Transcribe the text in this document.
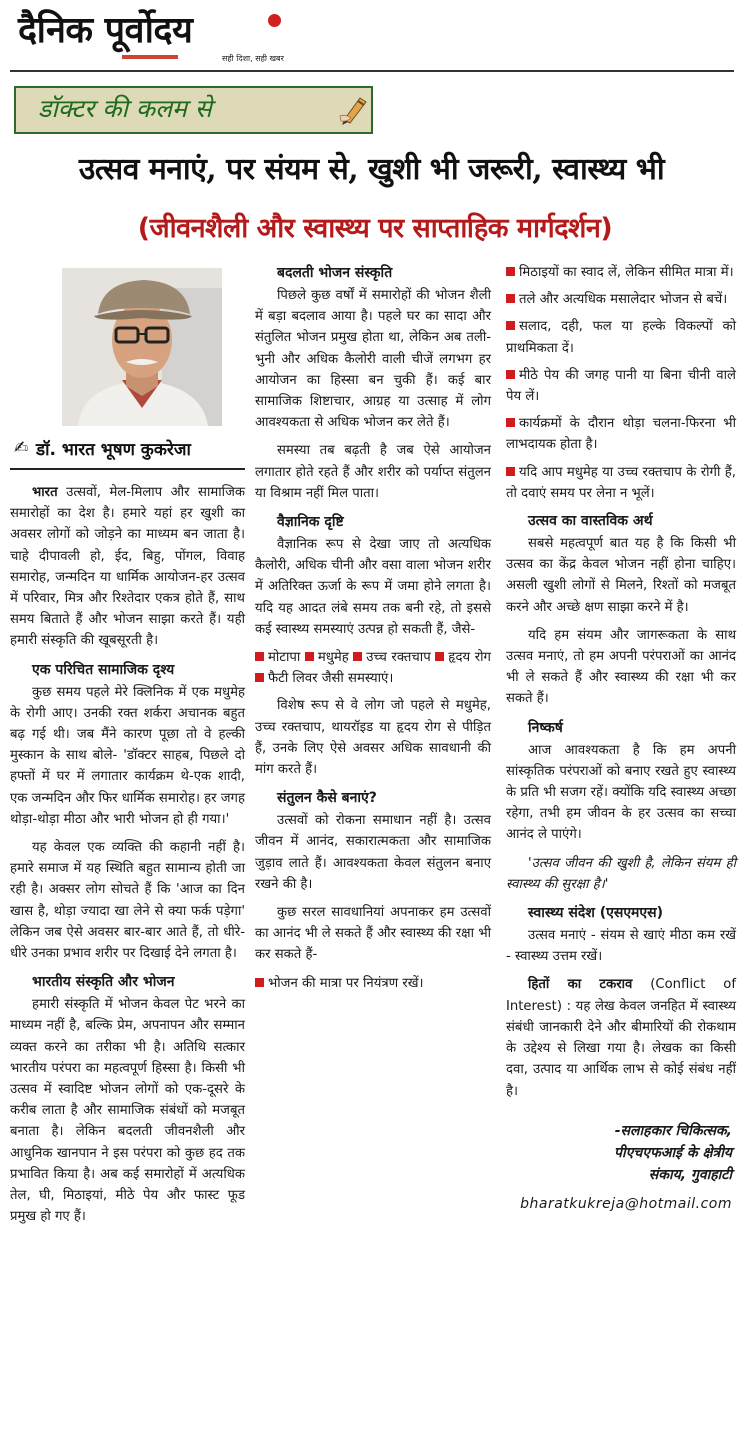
दैनिक पूर्वोदय
सही दिशा, सही खबर
डॉक्टर की कलम से
उत्सव मनाएं, पर संयम से, खुशी भी जरूरी, स्वास्थ्य भी
(जीवनशैली और स्वास्थ्य पर साप्ताहिक मार्गदर्शन)
✍ डॉ. भारत भूषण कुकरेजा

भारत उत्सवों, मेल-मिलाप और सामाजिक समारोहों का देश है। हमारे यहां हर खुशी का अवसर लोगों को जोड़ने का माध्यम बन जाता है। चाहे दीपावली हो, ईद, बिहु, पोंगल, विवाह समारोह, जन्मदिन या धार्मिक आयोजन-हर उत्सव में परिवार, मित्र और रिश्तेदार एकत्र होते हैं, साथ समय बिताते हैं और भोजन साझा करते हैं। यही हमारी संस्कृति की खूबसूरती है।

एक परिचित सामाजिक दृश्य

कुछ समय पहले मेरे क्लिनिक में एक मधुमेह के रोगी आए। उनकी रक्त शर्करा अचानक बहुत बढ़ गई थी। जब मैंने कारण पूछा तो वे हल्की मुस्कान के साथ बोले- 'डॉक्टर साहब, पिछले दो हफ्तों में घर में लगातार कार्यक्रम थे-एक शादी, एक जन्मदिन और फिर धार्मिक समारोह। हर जगह थोड़ा-थोड़ा मीठा और भारी भोजन हो ही गया।'

यह केवल एक व्यक्ति की कहानी नहीं है। हमारे समाज में यह स्थिति बहुत सामान्य होती जा रही है। अक्सर लोग सोचते हैं कि 'आज का दिन खास है, थोड़ा ज्यादा खा लेने से क्या फर्क पड़ेगा' लेकिन जब ऐसे अवसर बार-बार आते हैं, तो धीरे-धीरे उनका प्रभाव शरीर पर दिखाई देने लगता है।

भारतीय संस्कृति और भोजन

हमारी संस्कृति में भोजन केवल पेट भरने का माध्यम नहीं है, बल्कि प्रेम, अपनापन और सम्मान व्यक्त करने का तरीका भी है। अतिथि सत्कार भारतीय परंपरा का महत्वपूर्ण हिस्सा है। किसी भी उत्सव में स्वादिष्ट भोजन लोगों को एक-दूसरे के करीब लाता है और सामाजिक संबंधों को मजबूत बनाता है। लेकिन बदलती जीवनशैली और आधुनिक खानपान ने इस परंपरा को कुछ हद तक प्रभावित किया है। अब कई समारोहों में अत्यधिक तेल, घी, मिठाइयां, मीठे पेय और फास्ट फूड प्रमुख हो गए हैं।

बदलती भोजन संस्कृति

पिछले कुछ वर्षों में समारोहों की भोजन शैली में बड़ा बदलाव आया है। पहले घर का सादा और संतुलित भोजन प्रमुख होता था, लेकिन अब तली-भुनी और अधिक कैलोरी वाली चीजें लगभग हर आयोजन का हिस्सा बन चुकी हैं। कई बार सामाजिक शिष्टाचार, आग्रह या उत्साह में लोग आवश्यकता से अधिक भोजन कर लेते हैं।

समस्या तब बढ़ती है जब ऐसे आयोजन लगातार होते रहते हैं और शरीर को पर्याप्त संतुलन या विश्राम नहीं मिल पाता।

वैज्ञानिक दृष्टि

वैज्ञानिक रूप से देखा जाए तो अत्यधिक कैलोरी, अधिक चीनी और वसा वाला भोजन शरीर में अतिरिक्त ऊर्जा के रूप में जमा होने लगता है। यदि यह आदत लंबे समय तक बनी रहे, तो इससे कई स्वास्थ्य समस्याएं उत्पन्न हो सकती हैं, जैसे-

मोटापा मधुमेह उच्च रक्तचाप हृदय रोग फैटी लिवर जैसी समस्याएं।

विशेष रूप से वे लोग जो पहले से मधुमेह, उच्च रक्तचाप, थायरॉइड या हृदय रोग से पीड़ित हैं, उनके लिए ऐसे अवसर अधिक सावधानी की मांग करते हैं।

संतुलन कैसे बनाएं?

उत्सवों को रोकना समाधान नहीं है। उत्सव जीवन में आनंद, सकारात्मकता और सामाजिक जुड़ाव लाते हैं। आवश्यकता केवल संतुलन बनाए रखने की है।

कुछ सरल सावधानियां अपनाकर हम उत्सवों का आनंद भी ले सकते हैं और स्वास्थ्य की रक्षा भी कर सकते हैं-

भोजन की मात्रा पर नियंत्रण रखें।

मिठाइयों का स्वाद लें, लेकिन सीमित मात्रा में।

तले और अत्यधिक मसालेदार भोजन से बचें।

सलाद, दही, फल या हल्के विकल्पों को प्राथमिकता दें।

मीठे पेय की जगह पानी या बिना चीनी वाले पेय लें।

कार्यक्रमों के दौरान थोड़ा चलना-फिरना भी लाभदायक होता है।

यदि आप मधुमेह या उच्च रक्तचाप के रोगी हैं, तो दवाएं समय पर लेना न भूलें।

उत्सव का वास्तविक अर्थ

सबसे महत्वपूर्ण बात यह है कि किसी भी उत्सव का केंद्र केवल भोजन नहीं होना चाहिए। असली खुशी लोगों से मिलने, रिश्तों को मजबूत करने और अच्छे क्षण साझा करने में है।

यदि हम संयम और जागरूकता के साथ उत्सव मनाएं, तो हम अपनी परंपराओं का आनंद भी ले सकते हैं और स्वास्थ्य की रक्षा भी कर सकते हैं।

निष्कर्ष

आज आवश्यकता है कि हम अपनी सांस्कृतिक परंपराओं को बनाए रखते हुए स्वास्थ्य के प्रति भी सजग रहें। क्योंकि यदि स्वास्थ्य अच्छा रहेगा, तभी हम जीवन के हर उत्सव का सच्चा आनंद ले पाएंगे।

'उत्सव जीवन की खुशी है, लेकिन संयम ही स्वास्थ्य की सुरक्षा है।'

स्वास्थ्य संदेश (एसएमएस)

उत्सव मनाएं - संयम से खाएं मीठा कम रखें - स्वास्थ्य उत्तम रखें।

हितों का टकराव (Conflict of Interest) : यह लेख केवल जनहित में स्वास्थ्य संबंधी जानकारी देने और बीमारियों की रोकथाम के उद्देश्य से लिखा गया है। लेखक का किसी दवा, उत्पाद या आर्थिक लाभ से कोई संबंध नहीं है।

-सलाहकार चिकित्सक,
पीएचएफआई के क्षेत्रीय
संकाय, गुवाहाटी
bharatkukreja@hotmail.com
